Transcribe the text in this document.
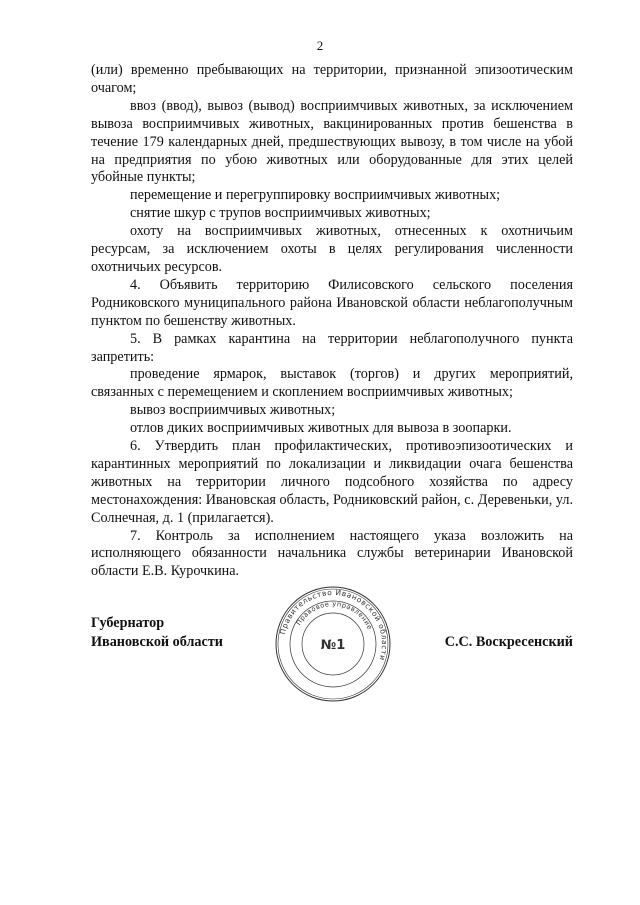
2

(или) временно пребывающих на территории, признанной эпизоотическим очагом;

ввоз (ввод), вывоз (вывод) восприимчивых животных, за исключением вывоза восприимчивых животных, вакцинированных против бешенства в течение 179 календарных дней, предшествующих вывозу, в том числе на убой на предприятия по убою животных или оборудованные для этих целей убойные пункты;

перемещение и перегруппировку восприимчивых животных;

снятие шкур с трупов восприимчивых животных;

охоту на восприимчивых животных, отнесенных к охотничьим ресурсам, за исключением охоты в целях регулирования численности охотничьих ресурсов.

4. Объявить территорию Филисовского сельского поселения Родниковского муниципального района Ивановской области неблагополучным пунктом по бешенству животных.

5. В рамках карантина на территории неблагополучного пункта запретить:

проведение ярмарок, выставок (торгов) и других мероприятий, связанных с перемещением и скоплением восприимчивых животных;

вывоз восприимчивых животных;

отлов диких восприимчивых животных для вывоза в зоопарки.

6. Утвердить план профилактических, противоэпизоотических и карантинных мероприятий по локализации и ликвидации очага бешенства животных на территории личного подсобного хозяйства по адресу местонахождения: Ивановская область, Родниковский район, с. Деревеньки, ул. Солнечная, д. 1 (прилагается).

7. Контроль за исполнением настоящего указа возложить на исполняющего обязанности начальника службы ветеринарии Ивановской области Е.В. Курочкина.

Губернатор
Ивановской области
Правительство Ивановской области
Правовое управление
№1	С.С. Воскресенский
